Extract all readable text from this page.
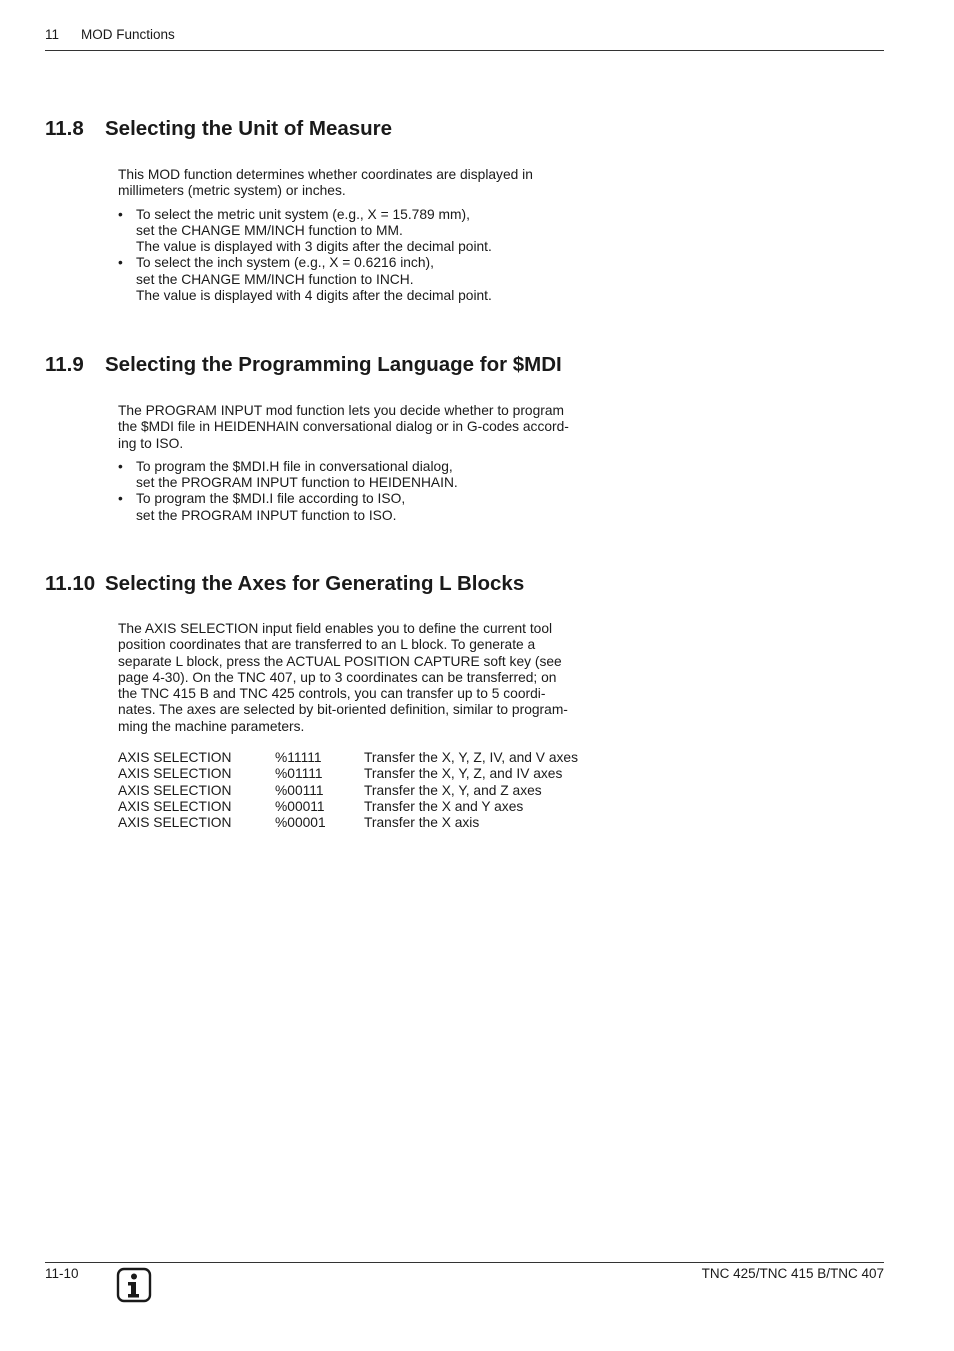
11 MOD Functions
11.8 Selecting the Unit of Measure

This MOD function determines whether coordinates are displayed in
millimeters (metric system) or inches.

• To select the metric unit system (e.g., X = 15.789 mm),
set the CHANGE MM/INCH function to MM.
The value is displayed with 3 digits after the decimal point.
• To select the inch system (e.g., X = 0.6216 inch),
set the CHANGE MM/INCH function to INCH.
The value is displayed with 4 digits after the decimal point.
11.9 Selecting the Programming Language for $MDI

The PROGRAM INPUT mod function lets you decide whether to program
the $MDI file in HEIDENHAIN conversational dialog or in G-codes accord-
ing to ISO.

• To program the $MDI.H file in conversational dialog,
set the PROGRAM INPUT function to HEIDENHAIN.
• To program the $MDI.I file according to ISO,
set the PROGRAM INPUT function to ISO.
11.10 Selecting the Axes for Generating L Blocks

The AXIS SELECTION input field enables you to define the current tool
position coordinates that are transferred to an L block. To generate a
separate L block, press the ACTUAL POSITION CAPTURE soft key (see
page 4-30). On the TNC 407, up to 3 coordinates can be transferred; on
the TNC 415 B and TNC 425 controls, you can transfer up to 5 coordi-
nates. The axes are selected by bit-oriented definition, similar to program-
ming the machine parameters.

AXIS SELECTION	%11111	Transfer the X, Y, Z, IV, and V axes
AXIS SELECTION	%01111	Transfer the X, Y, Z, and IV axes
AXIS SELECTION	%00111	Transfer the X, Y, and Z axes
AXIS SELECTION	%00011	Transfer the X and Y axes
AXIS SELECTION	%00001	Transfer the X axis
11-10	TNC 425/TNC 415 B/TNC 407
